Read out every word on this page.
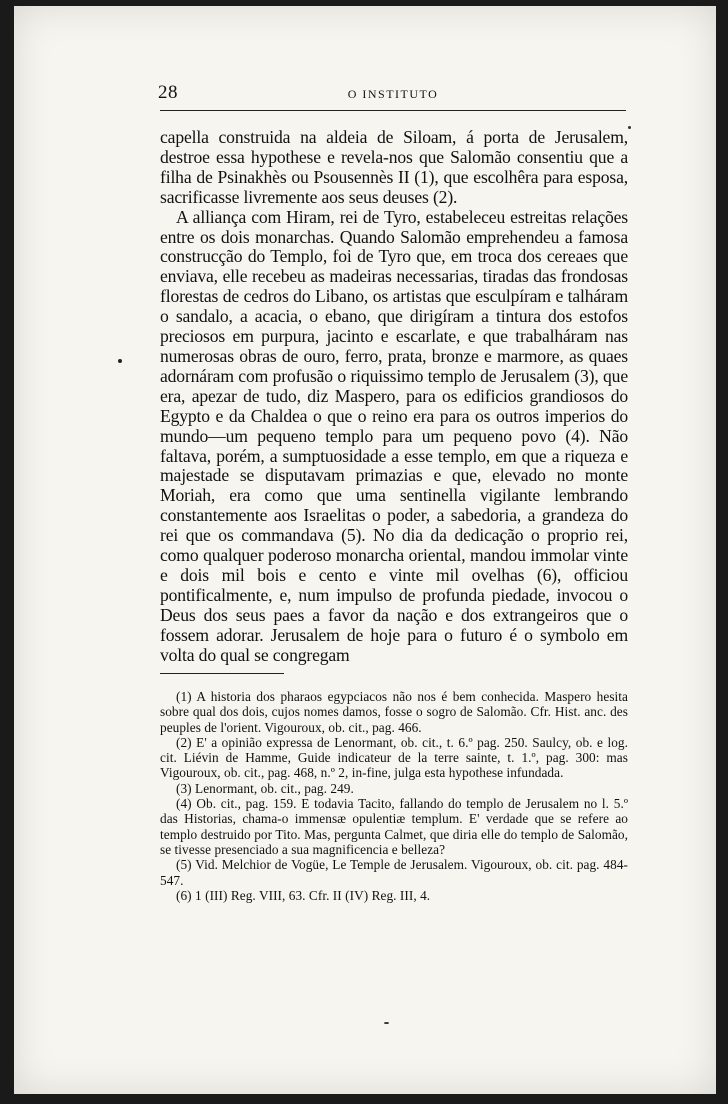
28	O INSTITUTO

capella construida na aldeia de Siloam, á porta de Jerusalem, destroe essa hypothese e revela-nos que Salomão consentiu que a filha de Psinakhès ou Psousennès II (1), que escolhêra para esposa, sacrificasse livremente aos seus deuses (2).

A alliança com Hiram, rei de Tyro, estabeleceu estreitas relações entre os dois monarchas. Quando Salomão emprehendeu a famosa construcção do Templo, foi de Tyro que, em troca dos cereaes que enviava, elle recebeu as madeiras necessarias, tiradas das frondosas florestas de cedros do Libano, os artistas que esculpíram e talháram o sandalo, a acacia, o ebano, que dirigíram a tintura dos estofos preciosos em purpura, jacinto e escarlate, e que trabalháram nas numerosas obras de ouro, ferro, prata, bronze e marmore, as quaes adornáram com profusão o riquissimo templo de Jerusalem (3), que era, apezar de tudo, diz Maspero, para os edificios grandiosos do Egypto e da Chaldea o que o reino era para os outros imperios do mundo—um pequeno templo para um pequeno povo (4). Não faltava, porém, a sumptuosidade a esse templo, em que a riqueza e majestade se disputavam primazias e que, elevado no monte Moriah, era como que uma sentinella vigilante lembrando constantemente aos Israelitas o poder, a sabedoria, a grandeza do rei que os commandava (5). No dia da dedicação o proprio rei, como qualquer poderoso monarcha oriental, mandou immolar vinte e dois mil bois e cento e vinte mil ovelhas (6), officiou pontificalmente, e, num impulso de profunda piedade, invocou o Deus dos seus paes a favor da nação e dos extrangeiros que o fossem adorar. Jerusalem de hoje para o futuro é o symbolo em volta do qual se congregam

(1) A historia dos pharaos egypciacos não nos é bem conhecida. Maspero hesita sobre qual dos dois, cujos nomes damos, fosse o sogro de Salomão. Cfr. Hist. anc. des peuples de l'orient. Vigouroux, ob. cit., pag. 466.

(2) E' a opinião expressa de Lenormant, ob. cit., t. 6.º pag. 250. Saulcy, ob. e log. cit. Liévin de Hamme, Guide indicateur de la terre sainte, t. 1.º, pag. 300: mas Vigouroux, ob. cit., pag. 468, n.º 2, in-fine, julga esta hypothese infundada.

(3) Lenormant, ob. cit., pag. 249.

(4) Ob. cit., pag. 159. E todavia Tacito, fallando do templo de Jerusalem no l. 5.º das Historias, chama-o immensæ opulentiæ templum. E' verdade que se refere ao templo destruido por Tito. Mas, pergunta Calmet, que diria elle do templo de Salomão, se tivesse presenciado a sua magnificencia e belleza?

(5) Vid. Melchior de Vogüe, Le Temple de Jerusalem. Vigouroux, ob. cit. pag. 484-547.

(6) 1 (III) Reg. VIII, 63. Cfr. II (IV) Reg. III, 4.
